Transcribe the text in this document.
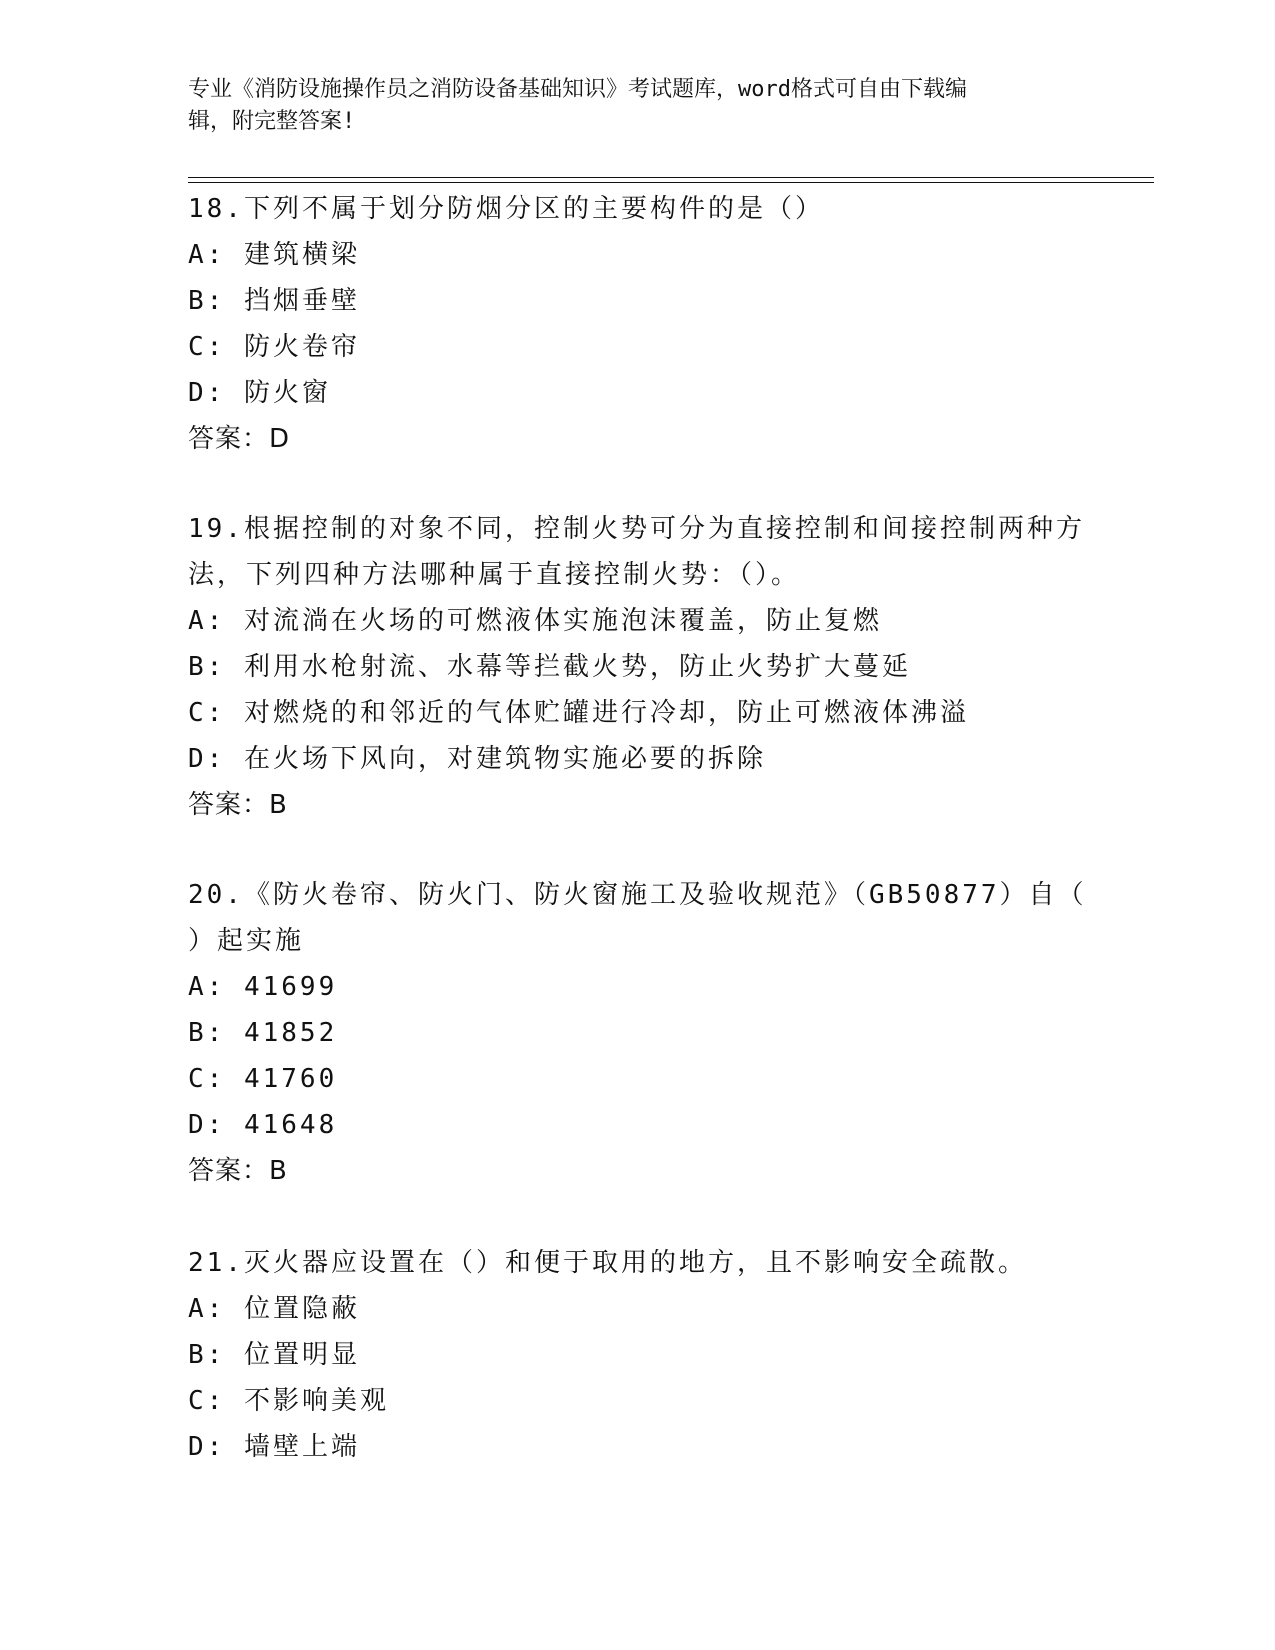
专业《消防设施操作员之消防设备基础知识》考试题库，word格式可自由下载编
辑，附完整答案!
18.下列不属于划分防烟分区的主要构件的是（）
A: 建筑横梁
B: 挡烟垂壁
C: 防火卷帘
D: 防火窗
答案：D
19.根据控制的对象不同，控制火势可分为直接控制和间接控制两种方
法，下列四种方法哪种属于直接控制火势：（）。
A: 对流淌在火场的可燃液体实施泡沫覆盖，防止复燃
B: 利用水枪射流、水幕等拦截火势，防止火势扩大蔓延
C: 对燃烧的和邻近的气体贮罐进行冷却，防止可燃液体沸溢
D: 在火场下风向，对建筑物实施必要的拆除
答案：B
20.《防火卷帘、防火门、防火窗施工及验收规范》（GB50877）自（
）起实施
A: 41699
B: 41852
C: 41760
D: 41648
答案：B
21.灭火器应设置在（）和便于取用的地方，且不影响安全疏散。
A: 位置隐蔽
B: 位置明显
C: 不影响美观
D: 墙壁上端
